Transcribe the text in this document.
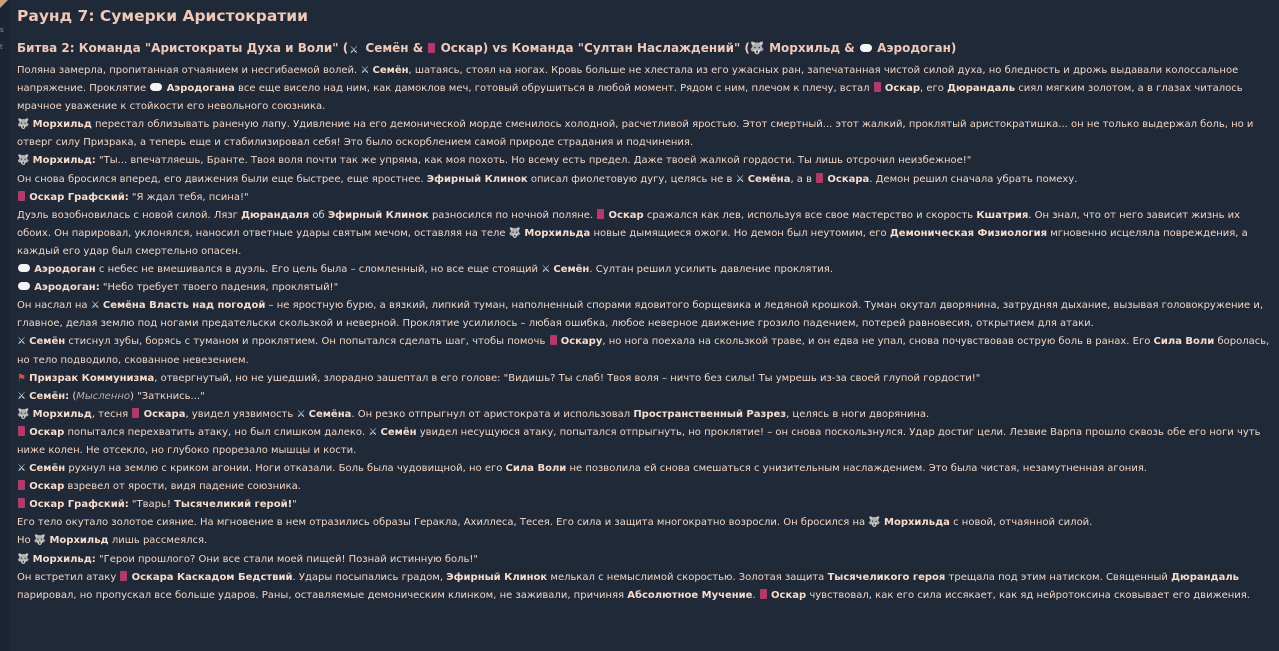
s
t
Раунд 7: Сумерки Аристократии
Битва 2: Команда "Аристократы Духа и Воли" (⚔ Семён & Оскар) vs Команда "Султан Наслаждений" (🐺 Морхильд & Аэродоган)

Поляна замерла, пропитанная отчаянием и несгибаемой волей. ⚔ Семён, шатаясь, стоял на ногах. Кровь больше не хлестала из его ужасных ран, запечатанная чистой силой духа, но бледность и дрожь выдавали колоссальное напряжение. Проклятие Аэродогана все еще висело над ним, как дамоклов меч, готовый обрушиться в любой момент. Рядом с ним, плечом к плечу, встал Оскар, его Дюрандаль сиял мягким золотом, а в глазах читалось мрачное уважение к стойкости его невольного союзника.

🐺 Морхильд перестал облизывать раненую лапу. Удивление на его демонической морде сменилось холодной, расчетливой яростью. Этот смертный... этот жалкий, проклятый аристократишка... он не только выдержал боль, но и отверг силу Призрака, а теперь еще и стабилизировал себя! Это было оскорблением самой природе страдания и подчинения.

🐺 Морхильд: "Ты... впечатляешь, Бранте. Твоя воля почти так же упряма, как моя похоть. Но всему есть предел. Даже твоей жалкой гордости. Ты лишь отсрочил неизбежное!"

Он снова бросился вперед, его движения были еще быстрее, еще яростнее. Эфирный Клинок описал фиолетовую дугу, целясь не в ⚔ Семёна, а в Оскара. Демон решил сначала убрать помеху.

Оскар Графский: "Я ждал тебя, псина!"

Дуэль возобновилась с новой силой. Лязг Дюрандаля об Эфирный Клинок разносился по ночной поляне. Оскар сражался как лев, используя все свое мастерство и скорость Кшатрия. Он знал, что от него зависит жизнь их обоих. Он парировал, уклонялся, наносил ответные удары святым мечом, оставляя на теле 🐺 Морхильда новые дымящиеся ожоги. Но демон был неутомим, его Демоническая Физиология мгновенно исцеляла повреждения, а каждый его удар был смертельно опасен.

Аэродоган с небес не вмешивался в дуэль. Его цель была – сломленный, но все еще стоящий ⚔ Семён. Султан решил усилить давление проклятия.

Аэродоган: "Небо требует твоего падения, проклятый!"

Он наслал на ⚔ Семёна Власть над погодой – не яростную бурю, а вязкий, липкий туман, наполненный спорами ядовитого борщевика и ледяной крошкой. Туман окутал дворянина, затрудняя дыхание, вызывая головокружение и, главное, делая землю под ногами предательски скользкой и неверной. Проклятие усилилось – любая ошибка, любое неверное движение грозило падением, потерей равновесия, открытием для атаки.

⚔ Семён стиснул зубы, борясь с туманом и проклятием. Он попытался сделать шаг, чтобы помочь Оскару, но нога поехала на скользкой траве, и он едва не упал, снова почувствовав острую боль в ранах. Его Сила Воли боролась, но тело подводило, скованное невезением.

⚑ Призрак Коммунизма, отвергнутый, но не ушедший, злорадно зашептал в его голове: "Видишь? Ты слаб! Твоя воля – ничто без силы! Ты умрешь из-за своей глупой гордости!"

⚔ Семён: (Мысленно) "Заткнись..."

🐺 Морхильд, тесня Оскара, увидел уязвимость ⚔ Семёна. Он резко отпрыгнул от аристократа и использовал Пространственный Разрез, целясь в ноги дворянина.

Оскар попытался перехватить атаку, но был слишком далеко. ⚔ Семён увидел несущуюся атаку, попытался отпрыгнуть, но проклятие! – он снова поскользнулся. Удар достиг цели. Лезвие Варпа прошло сквозь обе его ноги чуть ниже колен. Не отсекло, но глубоко прорезало мышцы и кости.

⚔ Семён рухнул на землю с криком агонии. Ноги отказали. Боль была чудовищной, но его Сила Воли не позволила ей снова смешаться с унизительным наслаждением. Это была чистая, незамутненная агония.

Оскар взревел от ярости, видя падение союзника.

Оскар Графский: "Тварь! Тысячеликий герой!"

Его тело окутало золотое сияние. На мгновение в нем отразились образы Геракла, Ахиллеса, Тесея. Его сила и защита многократно возросли. Он бросился на 🐺 Морхильда с новой, отчаянной силой.

Но 🐺 Морхильд лишь рассмеялся.

🐺 Морхильд: "Герои прошлого? Они все стали моей пищей! Познай истинную боль!"

Он встретил атаку Оскара Каскадом Бедствий. Удары посыпались градом, Эфирный Клинок мелькал с немыслимой скоростью. Золотая защита Тысячеликого героя трещала под этим натиском. Священный Дюрандаль парировал, но пропускал все больше ударов. Раны, оставляемые демоническим клинком, не заживали, причиняя Абсолютное Мучение. Оскар чувствовал, как его сила иссякает, как яд нейротоксина сковывает его движения.
